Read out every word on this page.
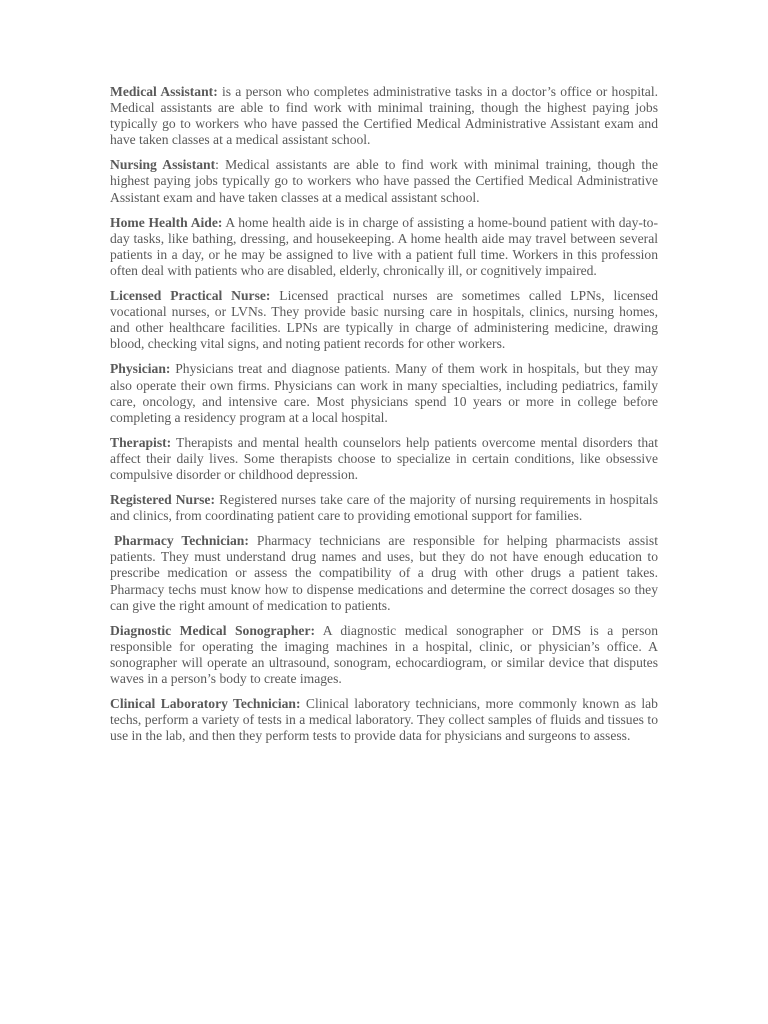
Medical Assistant: is a person who completes administrative tasks in a doctor’s office or hospital. Medical assistants are able to find work with minimal training, though the highest paying jobs typically go to workers who have passed the Certified Medical Administrative Assistant exam and have taken classes at a medical assistant school.

Nursing Assistant: Medical assistants are able to find work with minimal training, though the highest paying jobs typically go to workers who have passed the Certified Medical Administrative Assistant exam and have taken classes at a medical assistant school.

Home Health Aide: A home health aide is in charge of assisting a home-bound patient with day-to-day tasks, like bathing, dressing, and housekeeping. A home health aide may travel between several patients in a day, or he may be assigned to live with a patient full time. Workers in this profession often deal with patients who are disabled, elderly, chronically ill, or cognitively impaired.

Licensed Practical Nurse: Licensed practical nurses are sometimes called LPNs, licensed vocational nurses, or LVNs. They provide basic nursing care in hospitals, clinics, nursing homes, and other healthcare facilities. LPNs are typically in charge of administering medicine, drawing blood, checking vital signs, and noting patient records for other workers.

Physician: Physicians treat and diagnose patients. Many of them work in hospitals, but they may also operate their own firms. Physicians can work in many specialties, including pediatrics, family care, oncology, and intensive care. Most physicians spend 10 years or more in college before completing a residency program at a local hospital.

Therapist: Therapists and mental health counselors help patients overcome mental disorders that affect their daily lives. Some therapists choose to specialize in certain conditions, like obsessive compulsive disorder or childhood depression.

Registered Nurse: Registered nurses take care of the majority of nursing requirements in hospitals and clinics, from coordinating patient care to providing emotional support for families.

Pharmacy Technician: Pharmacy technicians are responsible for helping pharmacists assist patients. They must understand drug names and uses, but they do not have enough education to prescribe medication or assess the compatibility of a drug with other drugs a patient takes. Pharmacy techs must know how to dispense medications and determine the correct dosages so they can give the right amount of medication to patients.

Diagnostic Medical Sonographer: A diagnostic medical sonographer or DMS is a person responsible for operating the imaging machines in a hospital, clinic, or physician’s office. A sonographer will operate an ultrasound, sonogram, echocardiogram, or similar device that disputes waves in a person’s body to create images.

Clinical Laboratory Technician: Clinical laboratory technicians, more commonly known as lab techs, perform a variety of tests in a medical laboratory. They collect samples of fluids and tissues to use in the lab, and then they perform tests to provide data for physicians and surgeons to assess.
